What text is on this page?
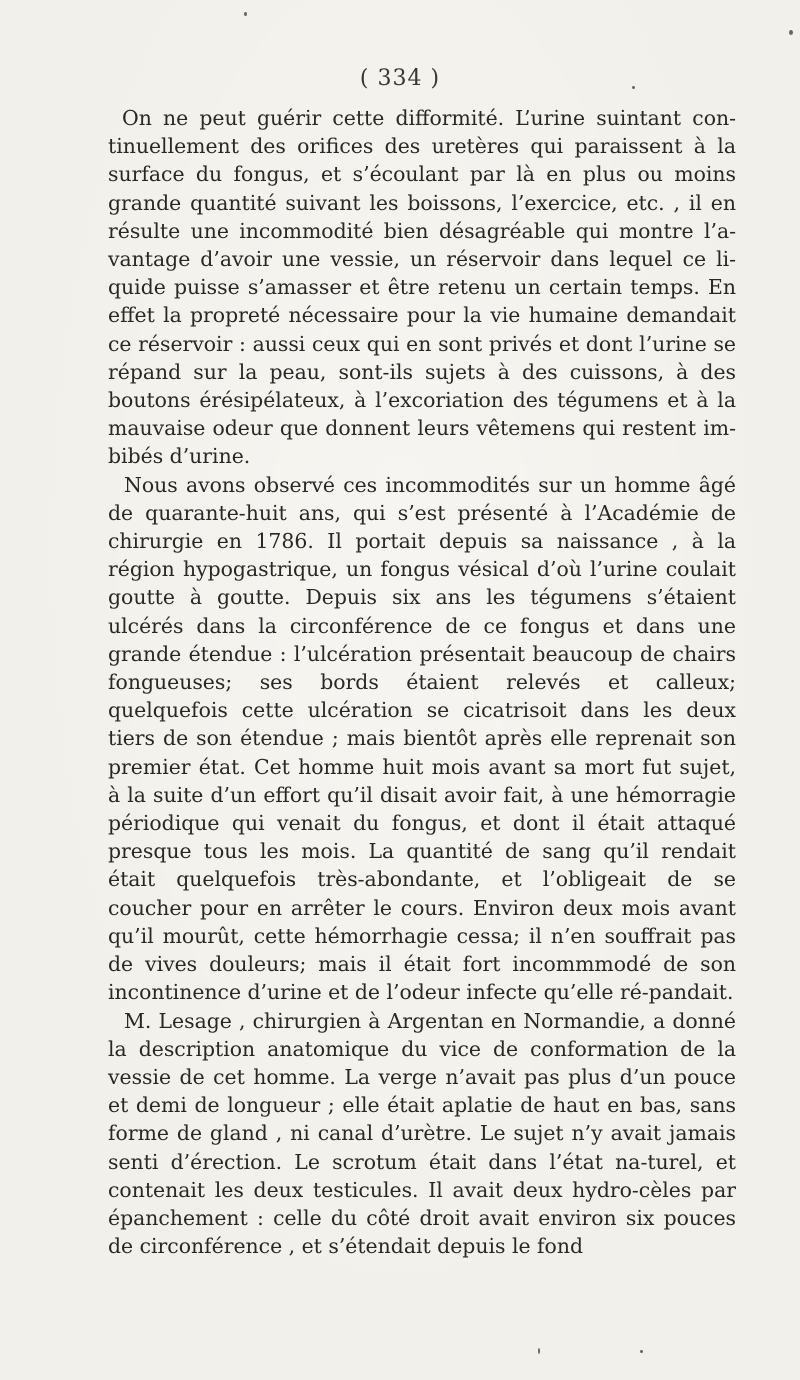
( 334 )

On ne peut guérir cette difformité. L’urine suintant con-tinuellement des orifices des uretères qui paraissent à la surface du fongus, et s’écoulant par là en plus ou moins grande quantité suivant les boissons, l’exercice, etc. , il en résulte une incommodité bien désagréable qui montre l’a-vantage d’avoir une vessie, un réservoir dans lequel ce li-quide puisse s’amasser et être retenu un certain temps. En effet la propreté nécessaire pour la vie humaine demandait ce réservoir : aussi ceux qui en sont privés et dont l’urine se répand sur la peau, sont-ils sujets à des cuissons, à des boutons érésipélateux, à l’excoriation des tégumens et à la mauvaise odeur que donnent leurs vêtemens qui restent im-bibés d’urine.

Nous avons observé ces incommodités sur un homme âgé de quarante-huit ans, qui s’est présenté à l’Académie de chirurgie en 1786. Il portait depuis sa naissance , à la région hypogastrique, un fongus vésical d’où l’urine coulait goutte à goutte. Depuis six ans les tégumens s’étaient ulcérés dans la circonférence de ce fongus et dans une grande étendue : l’ulcération présentait beaucoup de chairs fongueuses; ses bords étaient relevés et calleux; quelquefois cette ulcération se cicatrisoit dans les deux tiers de son étendue ; mais bientôt après elle reprenait son premier état. Cet homme huit mois avant sa mort fut sujet, à la suite d’un effort qu’il disait avoir fait, à une hémorragie périodique qui venait du fongus, et dont il était attaqué presque tous les mois. La quantité de sang qu’il rendait était quelquefois très-abondante, et l’obligeait de se coucher pour en arrêter le cours. Environ deux mois avant qu’il mourût, cette hémorrhagie cessa; il n’en souffrait pas de vives douleurs; mais il était fort incommmodé de son incontinence d’urine et de l’odeur infecte qu’elle ré-pandait.

M. Lesage , chirurgien à Argentan en Normandie, a donné la description anatomique du vice de conformation de la vessie de cet homme. La verge n’avait pas plus d’un pouce et demi de longueur ; elle était aplatie de haut en bas, sans forme de gland , ni canal d’urètre. Le sujet n’y avait jamais senti d’érection. Le scrotum était dans l’état na-turel, et contenait les deux testicules. Il avait deux hydro-cèles par épanchement : celle du côté droit avait environ six pouces de circonférence , et s’étendait depuis le fond
